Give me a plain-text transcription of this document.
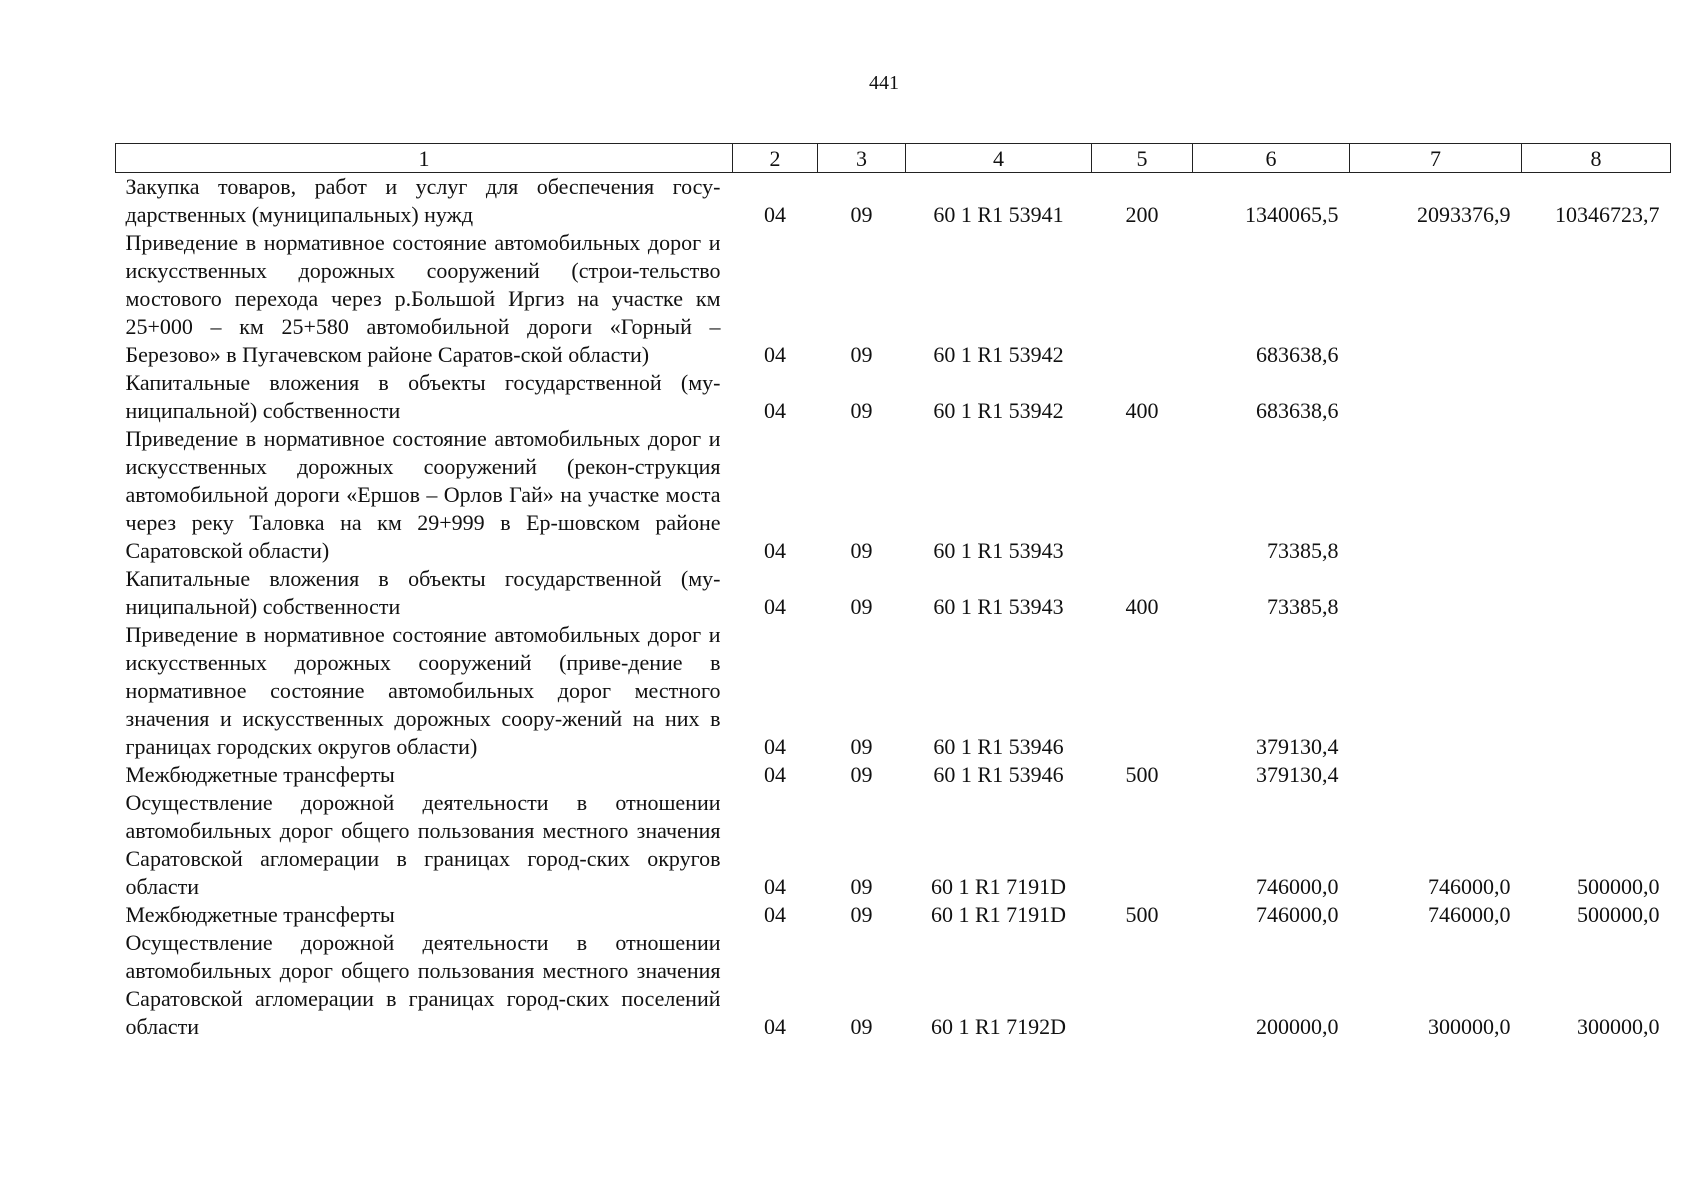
441
1	2	3	4	5	6	7	8
Закупка товаров, работ и услуг для обеспечения госу-дарственных (муниципальных) нужд	04	09	60 1 R1 53941	200	1340065,5	2093376,9	10346723,7
Приведение в нормативное состояние автомобильных дорог и искусственных дорожных сооружений (строи-тельство мостового перехода через р.Большой Иргиз на участке км 25+000 – км 25+580 автомобильной дороги «Горный – Березово» в Пугачевском районе Саратов-ской области)	04	09	60 1 R1 53942		683638,6		
Капитальные вложения в объекты государственной (му-ниципальной) собственности	04	09	60 1 R1 53942	400	683638,6		
Приведение в нормативное состояние автомобильных дорог и искусственных дорожных сооружений (рекон-струкция автомобильной дороги «Ершов – Орлов Гай» на участке моста через реку Таловка на км 29+999 в Ер-шовском районе Саратовской области)	04	09	60 1 R1 53943		73385,8		
Капитальные вложения в объекты государственной (му-ниципальной) собственности	04	09	60 1 R1 53943	400	73385,8		
Приведение в нормативное состояние автомобильных дорог и искусственных дорожных сооружений (приве-дение в нормативное состояние автомобильных дорог местного значения и искусственных дорожных соору-жений на них в границах городских округов области)	04	09	60 1 R1 53946		379130,4		
Межбюджетные трансферты	04	09	60 1 R1 53946	500	379130,4		
Осуществление дорожной деятельности в отношении автомобильных дорог общего пользования местного значения Саратовской агломерации в границах город-ских округов области	04	09	60 1 R1 7191D		746000,0	746000,0	500000,0
Межбюджетные трансферты	04	09	60 1 R1 7191D	500	746000,0	746000,0	500000,0
Осуществление дорожной деятельности в отношении автомобильных дорог общего пользования местного значения Саратовской агломерации в границах город-ских поселений области	04	09	60 1 R1 7192D		200000,0	300000,0	300000,0
